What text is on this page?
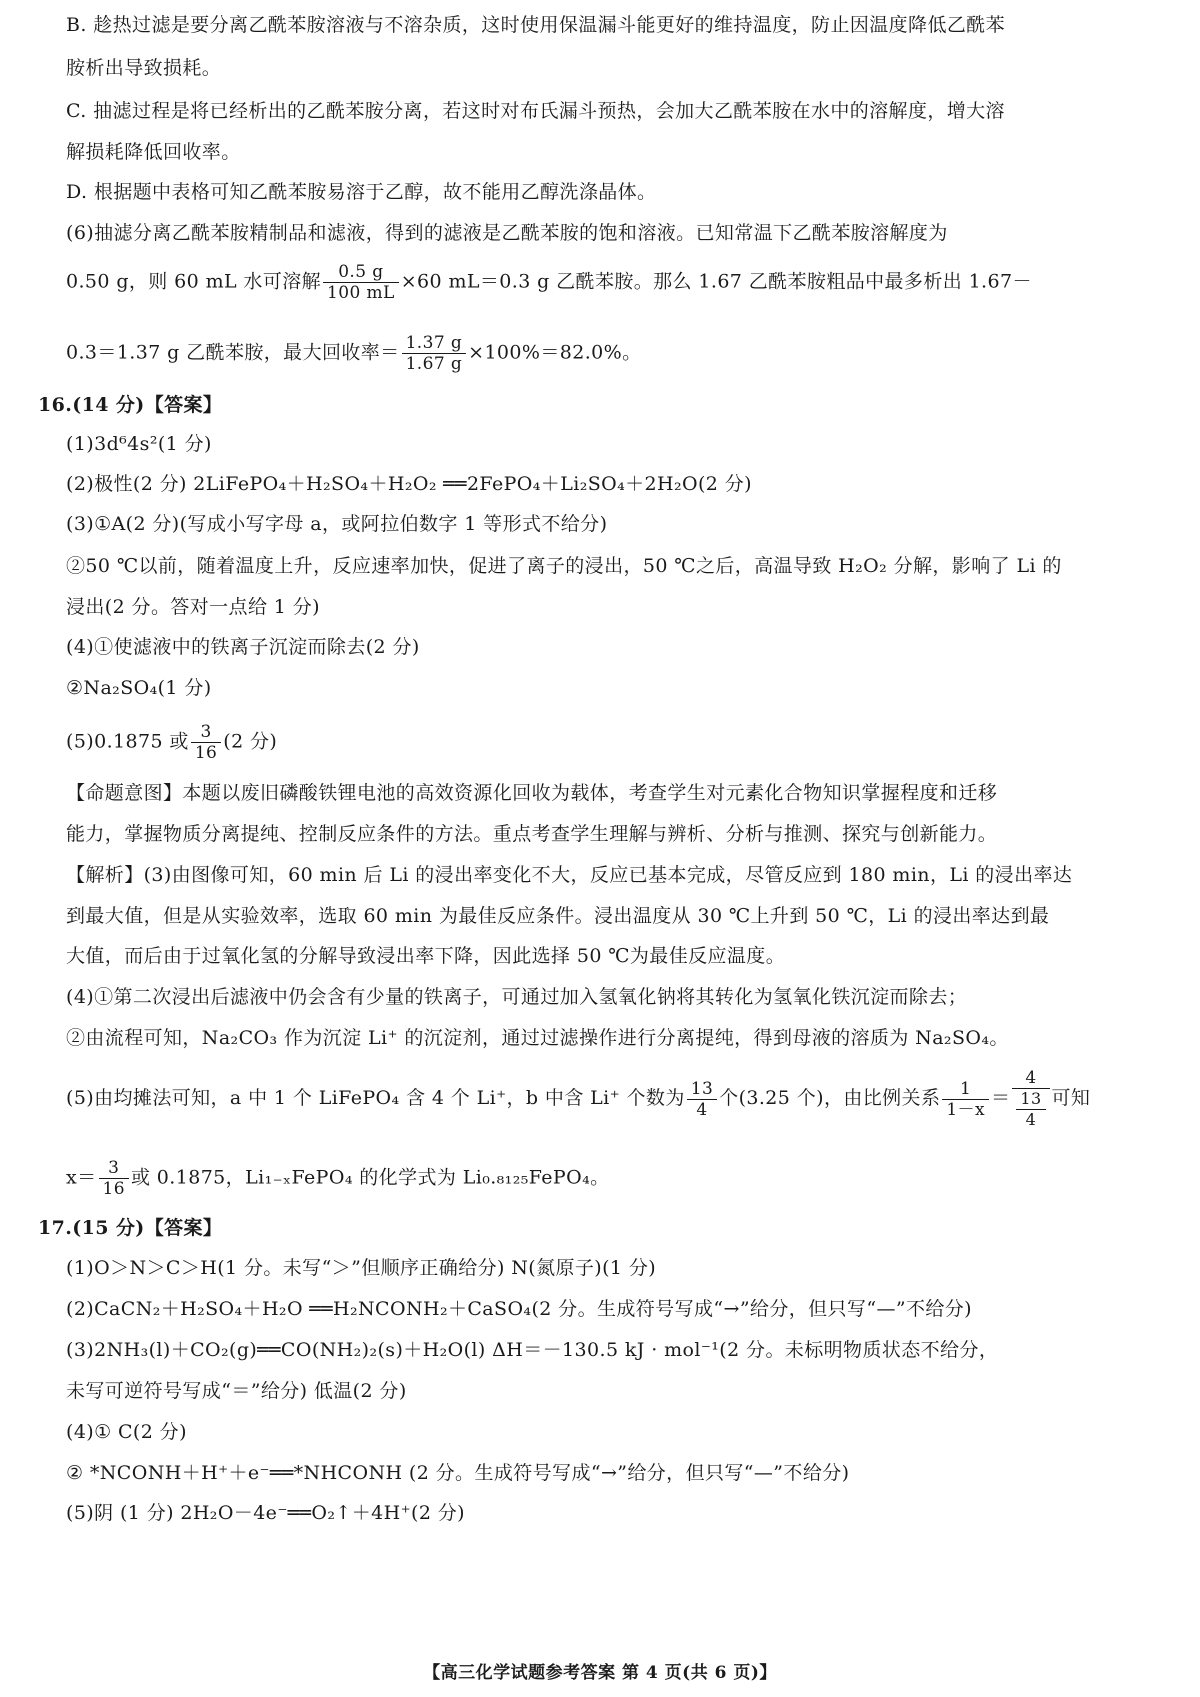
B. 趁热过滤是要分离乙酰苯胺溶液与不溶杂质，这时使用保温漏斗能更好的维持温度，防止因温度降低乙酰苯
胺析出导致损耗。
C. 抽滤过程是将已经析出的乙酰苯胺分离，若这时对布氏漏斗预热，会加大乙酰苯胺在水中的溶解度，增大溶
解损耗降低回收率。
D. 根据题中表格可知乙酰苯胺易溶于乙醇，故不能用乙醇洗涤晶体。
(6)抽滤分离乙酰苯胺精制品和滤液，得到的滤液是乙酰苯胺的饱和溶液。已知常温下乙酰苯胺溶解度为
0.50 g，则 60 mL 水可溶解 $\frac{0.5 g}{100 mL} \times 60$ mL＝0.3 g 乙酰苯胺。那么 1.67 乙酰苯胺粗品中最多析出 1.67－
0.3＝1.37 g 乙酰苯胺，最大回收率＝ $\frac{1.37 g}{1.67 g} \times 100\%=82.0\%$。
16.(14 分)【答案】
(1)3d⁶4s²(1 分)
(2)极性(2 分) 2LiFePO₄＋H₂SO₄＋H₂O₂ ══2FePO₄＋Li₂SO₄＋2H₂O(2 分)
(3)①A(2 分)(写成小写字母 a，或阿拉伯数字 1 等形式不给分)
②50 ℃以前，随着温度上升，反应速率加快，促进了离子的浸出，50 ℃之后，高温导致 H₂O₂ 分解，影响了 Li 的
浸出(2 分。答对一点给 1 分)
(4)①使滤液中的铁离子沉淀而除去(2 分)
②Na₂SO₄(1 分)
(5)0.1875 或 $\frac{3}{16} (2$ 分)
【命题意图】本题以废旧磷酸铁锂电池的高效资源化回收为载体，考查学生对元素化合物知识掌握程度和迁移
能力，掌握物质分离提纯、控制反应条件的方法。重点考查学生理解与辨析、分析与推测、探究与创新能力。
【解析】(3)由图像可知，60 min 后 Li 的浸出率变化不大，反应已基本完成，尽管反应到 180 min，Li 的浸出率达
到最大值，但是从实验效率，选取 60 min 为最佳反应条件。浸出温度从 30 ℃上升到 50 ℃，Li 的浸出率达到最
大值，而后由于过氧化氢的分解导致浸出率下降，因此选择 50 ℃为最佳反应温度。
(4)①第二次浸出后滤液中仍会含有少量的铁离子，可通过加入氢氧化钠将其转化为氢氧化铁沉淀而除去；
②由流程可知，Na₂CO₃ 作为沉淀 Li⁺ 的沉淀剂，通过过滤操作进行分离提纯，得到母液的溶质为 Na₂SO₄。
(5)由均摊法可知，a 中 1 个 LiFePO₄ 含 4 个 Li⁺，b 中含 Li⁺ 个数为 $\frac{13}{4}$ 个(3.25 个)，由比例关系 $\frac{1}{1-x} = \frac{4}{\frac{13}{4}}$ 可知
$x= \frac{3}{16}$ 或 0.1875，Li₁₋ₓFePO₄ 的化学式为 Li₀.₈₁₂₅FePO₄。
17.(15 分)【答案】
(1)O＞N＞C＞H(1 分。未写“＞”但顺序正确给分) N(氮原子)(1 分)
(2)CaCN₂＋H₂SO₄＋H₂O ══H₂NCONH₂＋CaSO₄(2 分。生成符号写成“→”给分，但只写“—”不给分)
(3)2NH₃(l)＋CO₂(g)══CO(NH₂)₂(s)＋H₂O(l) ΔH＝－130.5 kJ · mol⁻¹(2 分。未标明物质状态不给分，
未写可逆符号写成“＝”给分) 低温(2 分)
(4)① C(2 分)
② *NCONH＋H⁺＋e⁻══*NHCONH (2 分。生成符号写成“→”给分，但只写“—”不给分)
(5)阴 (1 分) 2H₂O－4e⁻══O₂↑＋4H⁺(2 分)
【高三化学试题参考答案 第 4 页(共 6 页)】
